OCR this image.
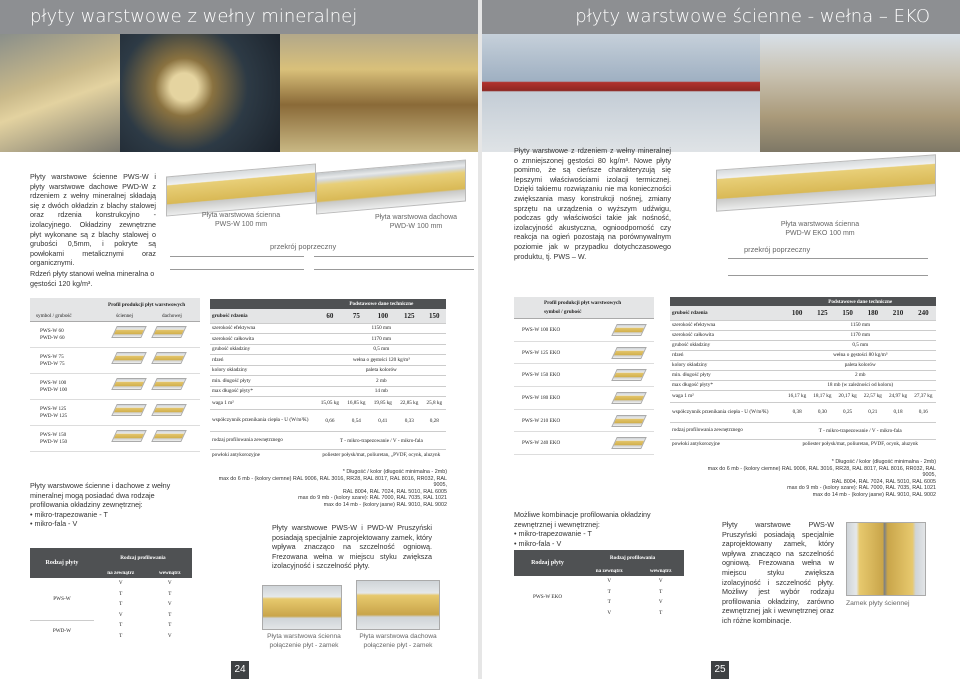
płyty warstwowe z wełny mineralnej	płyty warstwowe ścienne - wełna – EKO

Płyty warstwowe ścienne PWS-W i płyty warstwowe dachowe PWD-W z rdzeniem z wełny mineralnej składają się z dwóch okładzin z blachy stalowej oraz rdzenia konstrukcyjno - izolacyjnego. Okładziny zewnętrzne płyt wykonane są z blachy stalowej o grubości 0,5mm, i pokryte są powłokami metalicznymi oraz organicznymi.

Rdzeń płyty stanowi wełna mineralna o gęstości 120 kg/m³.

Płyta warstwowa ścienna
PWS-W 100 mm
Płyta warstwowa dachowa
PWD-W 100 mm
przekrój poprzeczny
Profil produkcji płyt warstwowych
symbol / grubość	ściennej	dachowej
PWS-W 60
PWD-W 60
PWS-W 75
PWD-W 75
PWS-W 100
PWD-W 100
PWS-W 125
PWD-W 125
PWS-W 150
PWD-W 150
	Podstawowe dane techniczne				
grubość rdzenia	60	75	100	125	150
szerokość efektywna	1150 mm				
szerokość całkowita	1170 mm				
grubość okładziny	0,5 mm				
rdzeń	wełna o gęstości 120 kg/m³				
kolory okładziny	paleta kolorów				
min. długość płyty	2 mb				
max długość płyty*	14 mb				
waga 1 m²	15,05 kg	16,85 kg	19,85 kg	22,85 kg	25,8 kg
współczynnik przenikania ciepła - U (W/m²K)	0,66	0,54	0,41	0,33	0,28
rodzaj profilowania zewnętrznego	T - mikro-trapezowanie / V - mikro-fala				
powłoki antykorozyjne	poliester połysk/mat, poliuretan, „PVDF, ocynk, aluzynk				
* Długość / kolor (długość minimalna - 2mb)
max do 6 mb - (kolory ciemne) RAL 9006, RAL 3016, RR28, RAL 8017, RAL 8016, RR032, RAL 9005,
RAL 8004, RAL 7024, RAL 5010, RAL 6005
max do 9 mb - (kolory szare): RAL 7000, RAL 7035, RAL 1021
max do 14 mb - (kolory jasne) RAL 9010, RAL 9002
Płyty warstwowe ścienne i dachowe z wełny mineralnej mogą posiadać dwa rodzaje profilowania okładziny zewnętrznej:
• mikro-trapezowanie - T
• mikro-fala - V
Rodzaj płyty	Rodzaj profilowania	
	na zewnątrz	wewnątrz
PWS-W	V	V
	T	T
	T	V
	V	T
PWD-W	T	T
	T	V
Płyty warstwowe PWS-W i PWD-W Pruszyński posiadają specjalnie zaprojektowany zamek, który wpływa znacząco na szczelność ogniową. Frezowana wełna w miejscu styku zwiększa izolacyjność i szczelność płyty.
Płyta warstwowa ścienna
połączenie płyt - zamek
Płyta warstwowa dachowa
połączenie płyt - zamek
24
Płyty warstwowe z rdzeniem z wełny mineralnej o zmniejszonej gęstości 80 kg/m³. Nowe płyty pomimo, że są cieńsze charakteryzują się lepszymi właściwościami izolacji termicznej. Dzięki takiemu rozwiązaniu nie ma konieczności zwiększania masy konstrukcji nośnej, zmiany sprzętu na urządzenia o wyższym udźwigu, podczas gdy właściwości takie jak nośność, izolacyjność akustyczna, ognioodporność czy reakcja na ogień pozostają na porównywalnym poziomie jak w przypadku dotychczasowego produktu, tj. PWS – W.
Płyta warstwowa ścienna
PWD-W EKO 100 mm
przekrój poprzeczny
Profil produkcji płyt warstwowych
symbol / grubość
PWS-W 100 EKO
PWS-W 125 EKO
PWS-W 150 EKO
PWS-W 180 EKO
PWS-W 210 EKO
PWS-W 240 EKO
	Podstawowe dane techniczne					
grubość rdzenia	100	125	150	180	210	240
szerokość efektywna	1150 mm					
szerokość całkowita	1170 mm					
grubość okładziny	0,5 mm					
rdzeń	wełna o gęstości 80 kg/m³					
kolory okładziny	paleta kolorów					
min. długość płyty	2 mb					
max długość płyty*	18 mb (w zależności od koloru)					
waga 1 m²	16,17 kg	18,17 kg	20,17 kg	22,57 kg	24,97 kg	27,37 kg
współczynnik przenikania ciepła - U (W/m²K)	0,38	0,30	0,25	0,21	0,18	0,16
rodzaj profilowania zewnętrznego	T - mikro-trapezowanie / V - mikro-fala					
powłoki antykorozyjne	poliester połysk/mat, poliuretan, PVDF, ocynk, aluzynk					
* Długość / kolor (długość minimalna - 2mb)
max do 6 mb - (kolory ciemne) RAL 9006, RAL 3016, RR28, RAL 8017, RAL 8016, RR032, RAL 9005,
RAL 8004, RAL 7024, RAL 5010, RAL 6005
max do 9 mb - (kolory szare): RAL 7000, RAL 7035, RAL 1021
max do 14 mb - (kolory jasne) RAL 9010, RAL 9002
Możliwe kombinacje profilowania okładziny zewnętrznej i wewnętrznej:
• mikro-trapezowanie - T
• mikro-fala - V
Rodzaj płyty	Rodzaj profilowania	
	na zewnątrz	wewnątrz
PWS-W EKO	V	V
	T	T
	T	V
	V	T
Płyty warstwowe PWS-W Pruszyński posiadają specjalnie zaprojektowany zamek, który wpływa znacząco na szczelność ogniową. Frezowana wełna w miejscu styku zwiększa izolacyjność i szczelność płyty. Możliwy jest wybór rodzaju profilowania okładziny, zarówno zewnętrznej jak i wewnętrznej oraz ich różne kombinacje.
Zamek płyty ściennej
25
